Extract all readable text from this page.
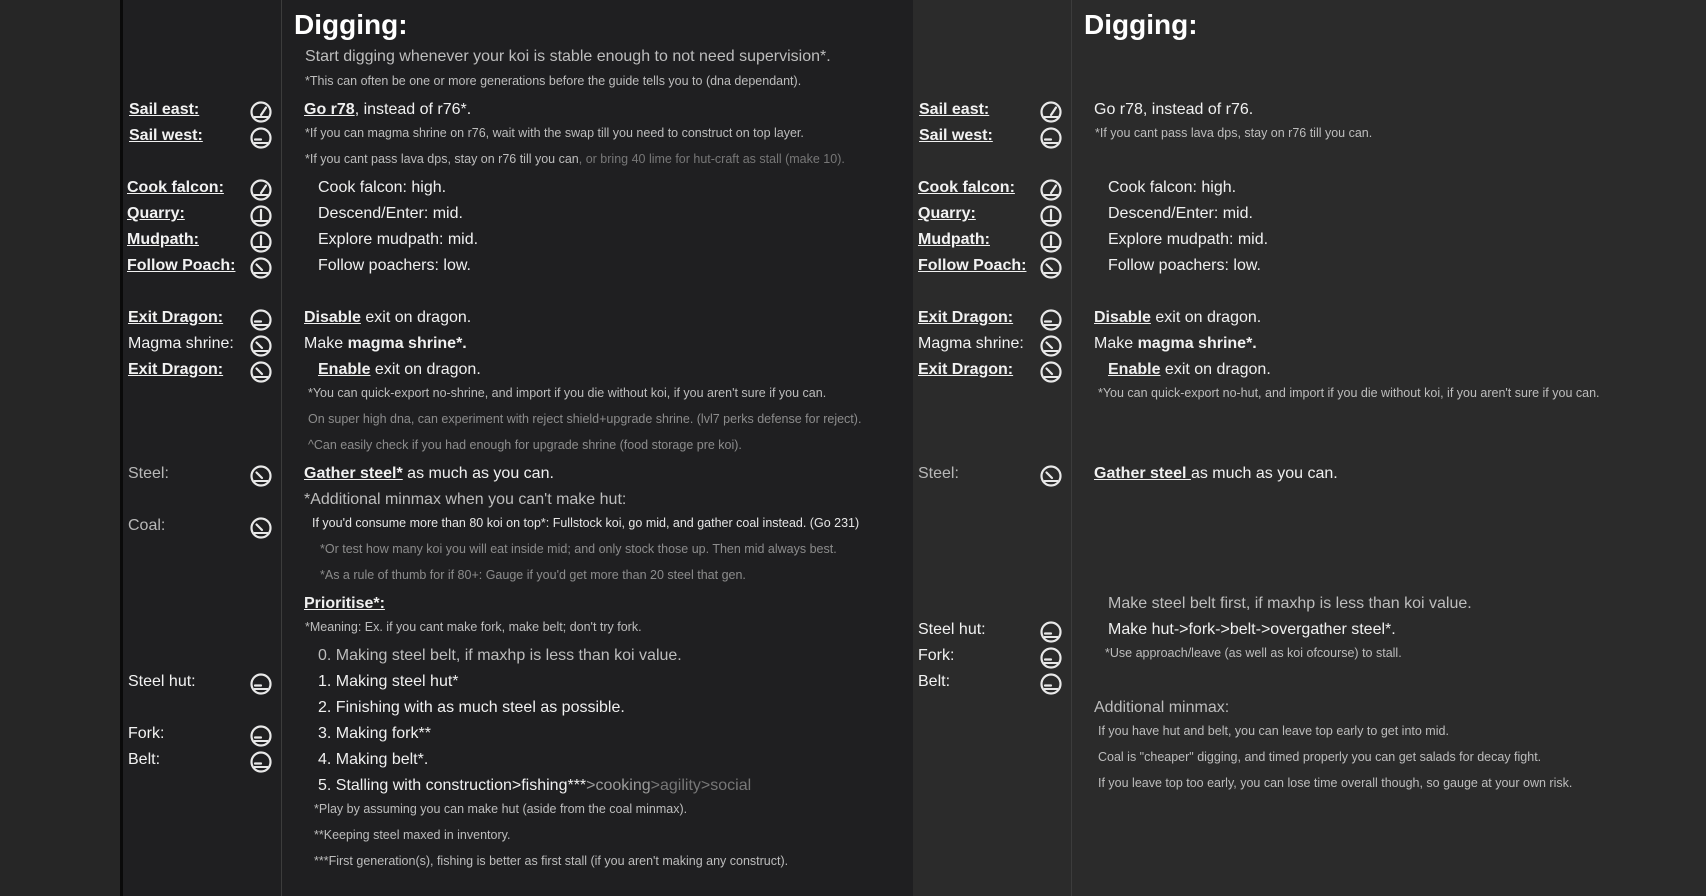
Digging:
Start digging whenever your koi is stable enough to not need supervision*.
*This can often be one or more generations before the guide tells you to (dna dependant).
Sail east:
Sail west:
Cook falcon:
Quarry:
Mudpath:
Follow Poach:
Exit Dragon:
Magma shrine:
Exit Dragon:
Steel:
Coal:
Steel hut:
Fork:
Belt:
Go r78, instead of r76*.
*If you can magma shrine on r76, wait with the swap till you need to construct on top layer.
*If you cant pass lava dps, stay on r76 till you can, or bring 40 lime for hut-craft as stall (make 10).
Cook falcon: high.
Descend/Enter: mid.
Explore mudpath: mid.
Follow poachers: low.
Disable exit on dragon.
Make magma shrine*.
Enable exit on dragon.
*You can quick-export no-shrine, and import if you die without koi, if you aren't sure if you can.
On super high dna, can experiment with reject shield+upgrade shrine. (lvl7 perks defense for reject).
^Can easily check if you had enough for upgrade shrine (food storage pre koi).
Gather steel* as much as you can.
*Additional minmax when you can't make hut:
If you'd consume more than 80 koi on top*: Fullstock koi, go mid, and gather coal instead. (Go 231)
*Or test how many koi you will eat inside mid; and only stock those up. Then mid always best.
*As a rule of thumb for if 80+: Gauge if you'd get more than 20 steel that gen.
Prioritise*:
*Meaning: Ex. if you cant make fork, make belt; don't try fork.
0. Making steel belt, if maxhp is less than koi value.
1. Making steel hut*
2. Finishing with as much steel as possible.
3. Making fork**
4. Making belt*.
5. Stalling with construction>fishing***>cooking>agility>social
*Play by assuming you can make hut (aside from the coal minmax).
**Keeping steel maxed in inventory.
***First generation(s), fishing is better as first stall (if you aren't making any construct).
Digging:
Sail east:
Sail west:
Cook falcon:
Quarry:
Mudpath:
Follow Poach:
Exit Dragon:
Magma shrine:
Exit Dragon:
Steel:
Steel hut:
Fork:
Belt:
Go r78, instead of r76.
*If you cant pass lava dps, stay on r76 till you can.
Cook falcon: high.
Descend/Enter: mid.
Explore mudpath: mid.
Follow poachers: low.
Disable exit on dragon.
Make magma shrine*.
Enable exit on dragon.
*You can quick-export no-hut, and import if you die without koi, if you aren't sure if you can.
Gather steel as much as you can.
Make steel belt first, if maxhp is less than koi value.
Make hut->fork->belt->overgather steel*.
*Use approach/leave (as well as koi ofcourse) to stall.
Additional minmax:
If you have hut and belt, you can leave top early to get into mid.
Coal is "cheaper" digging, and timed properly you can get salads for decay fight.
If you leave top too early, you can lose time overall though, so gauge at your own risk.
